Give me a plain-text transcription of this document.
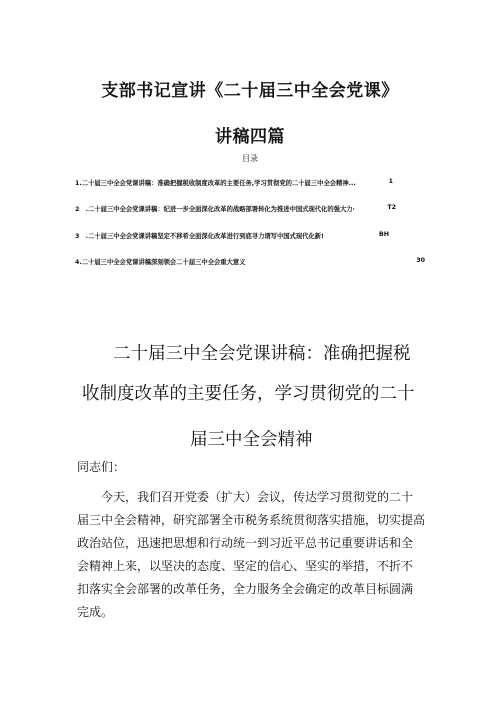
支部书记宣讲《二十届三中全会党课》
讲稿四篇
目录
1.二十届三中全会党课讲稿：准确把握税收制度改革的主要任务,学习贯彻党的二十届三中全会精神...	1
2　.二十届三中全会党课讲稿：纪进一步全面深化改革的战略部署转化为推进中国式现代化的强大力·	T2
3　.二十届三中全会党课讲稿坚定不移希全面深化改革进行到底寻力谓写中国式现代化新!	BH
4.二十届三中全会党课讲稿深刻领会二十届三中全会重大意义	30
二十届三中全会党课讲稿：准确把握税
收制度改革的主要任务，学习贯彻党的二十
届三中全会精神
同志们：
今天，我们召开党委（扩大）会议，传达学习贯彻党的二十
届三中全会精神，研究部署全市税务系统贯彻落实措施，切实提高
政治站位，迅速把思想和行动统一到习近平总书记重要讲话和全
会精神上来，以坚决的态度、坚定的信心、坚实的举措，不折不
扣落实全会部署的改革任务，全力服务全会确定的改革目标圆满
完成。
